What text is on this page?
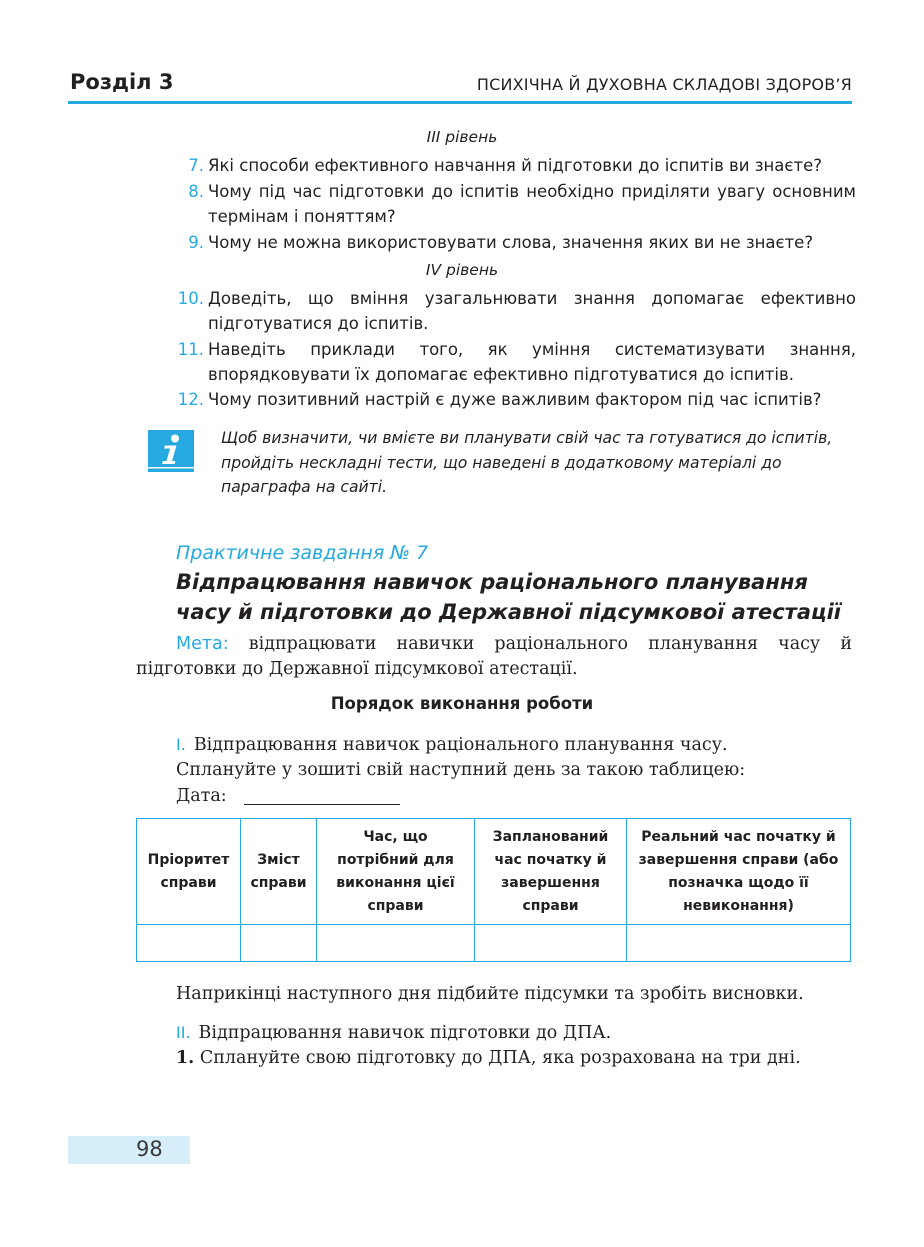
Розділ 3	ПСИХІЧНА Й ДУХОВНА СКЛАДОВІ ЗДОРОВ’Я
III рівень
7. Які способи ефективного навчання й підготовки до іспитів ви знаєте?
8. Чому під час підготовки до іспитів необхідно приділяти увагу основним термінам і поняттям?
9. Чому не можна використовувати слова, значення яких ви не знаєте?
IV рівень
10. Доведіть, що вміння узагальнювати знання допомагає ефективно підготуватися до іспитів.
11. Наведіть приклади того, як уміння систематизувати знання, впорядковувати їх допомагає ефективно підготуватися до іспитів.
12. Чому позитивний настрій є дуже важливим фактором під час іспитів?
Щоб визначити, чи вмієте ви планувати свій час та готуватися до іспитів, пройдіть нескладні тести, що наведені в додатковому матеріалі до параграфа на сайті.
Практичне завдання № 7
Відпрацювання навичок раціонального планування часу й підготовки до Державної підсумкової атестації
Мета: відпрацювати навички раціонального планування часу й підготовки до Державної підсумкової атестації.
Порядок виконання роботи
I. Відпрацювання навичок раціонального планування часу.
Сплануйте у зошиті свій наступний день за такою таблицею:
Дата:
Пріоритет справи	Зміст справи	Час, що потрібний для виконання цієї справи	Запланований час початку й завершення справи	Реальний час початку й завершення справи (або позначка щодо її невиконання)

Наприкінці наступного дня підбийте підсумки та зробіть висновки.
II. Відпрацювання навичок підготовки до ДПА.
1. Сплануйте свою підготовку до ДПА, яка розрахована на три дні.
98
